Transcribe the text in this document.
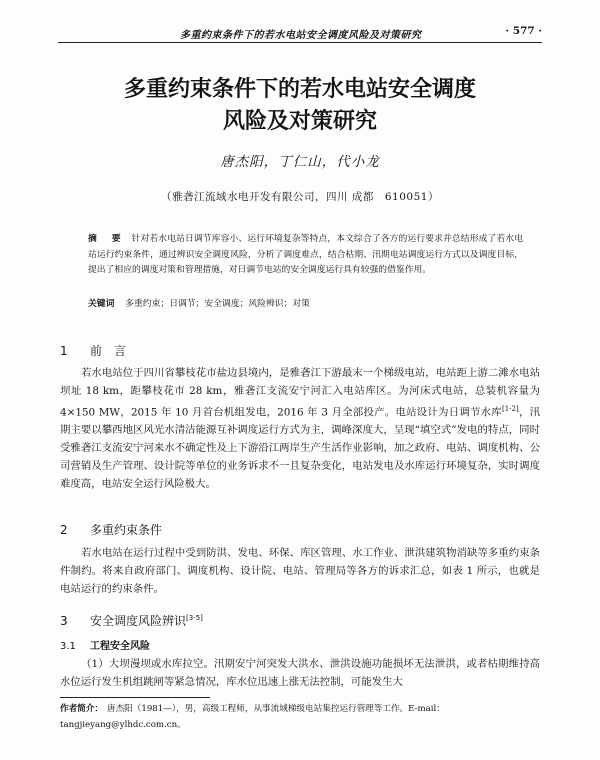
多重约束条件下的若水电站安全调度风险及对策研究	· 577 ·
多重约束条件下的若水电站安全调度
风险及对策研究
唐杰阳，丁仁山，代小龙
（雅砻江流域水电开发有限公司，四川 成都　610051）
摘　要 针对若水电站日调节库容小、运行环境复杂等特点，本文综合了各方的运行要求并总结形成了若水电站运行约束条件，通过辨识安全调度风险，分析了调度难点，结合枯期、汛期电站调度运行方式以及调度目标，提出了相应的调度对策和管理措施，对日调节电站的安全调度运行具有较强的借鉴作用。
关键词 多重约束；日调节；安全调度；风险辨识；对策
1 前　言
若水电站位于四川省攀枝花市盐边县境内，是雅砻江下游最末一个梯级电站，电站距上游二滩水电站坝址 18 km，距攀枝花市 28 km，雅砻江支流安宁河汇入电站库区。为河床式电站，总装机容量为 4×150 MW，2015 年 10 月首台机组发电，2016 年 3 月全部投产。电站设计为日调节水库[1-2]，汛期主要以攀西地区风光水清洁能源互补调度运行方式为主，调峰深度大，呈现“填空式”发电的特点，同时受雅砻江支流安宁河来水不确定性及上下游沿江两岸生产生活作业影响，加之政府、电站、调度机构、公司营销及生产管理、设计院等单位的业务诉求不一且复杂变化，电站发电及水库运行环境复杂，实时调度难度高，电站安全运行风险极大。
2 多重约束条件
若水电站在运行过程中受到防洪、发电、环保、库区管理、水工作业、泄洪建筑物消缺等多重约束条件制约。将来自政府部门、调度机构、设计院、电站、管理局等各方的诉求汇总，如表 1 所示，也就是电站运行的约束条件。
3 安全调度风险辨识[3-5]
3.1 工程安全风险
（1）大坝漫坝或水库拉空。汛期安宁河突发大洪水、泄洪设施功能损坏无法泄洪，或者枯期维持高水位运行发生机组跳闸等紧急情况，库水位迅速上涨无法控制，可能发生大
作者简介： 唐杰阳（1981—），男，高级工程师，从事流域梯级电站集控运行管理等工作。E-mail：tangjieyang@ylhdc.com.cn。
